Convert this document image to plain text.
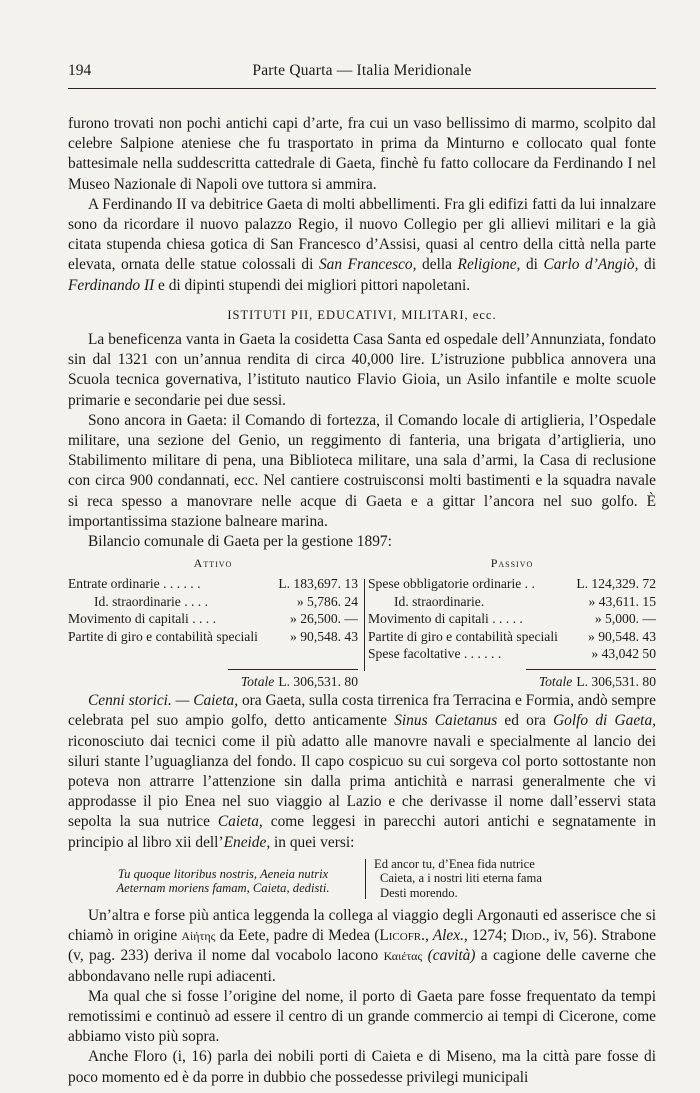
194	Parte Quarta — Italia Meridionale

furono trovati non pochi antichi capi d’arte, fra cui un vaso bellissimo di marmo, scolpito dal celebre Salpione ateniese che fu trasportato in prima da Minturno e collocato qual fonte battesimale nella suddescritta cattedrale di Gaeta, finchè fu fatto collocare da Ferdinando I nel Museo Nazionale di Napoli ove tuttora si ammira.

A Ferdinando II va debitrice Gaeta di molti abbellimenti. Fra gli edifizi fatti da lui innalzare sono da ricordare il nuovo palazzo Regio, il nuovo Collegio per gli allievi militari e la già citata stupenda chiesa gotica di San Francesco d’Assisi, quasi al centro della città nella parte elevata, ornata delle statue colossali di San Francesco, della Religione, di Carlo d’Angiò, di Ferdinando II e di dipinti stupendi dei migliori pittori napoletani.

ISTITUTI PII, EDUCATIVI, MILITARI, ecc.

La beneficenza vanta in Gaeta la cosidetta Casa Santa ed ospedale dell’Annunziata, fondato sin dal 1321 con un’annua rendita di circa 40,000 lire. L’istruzione pubblica annovera una Scuola tecnica governativa, l’istituto nautico Flavio Gioia, un Asilo infantile e molte scuole primarie e secondarie pei due sessi.

Sono ancora in Gaeta: il Comando di fortezza, il Comando locale di artiglieria, l’Ospedale militare, una sezione del Genio, un reggimento di fanteria, una brigata d’artiglieria, uno Stabilimento militare di pena, una Biblioteca militare, una sala d’armi, la Casa di reclusione con circa 900 condannati, ecc. Nel cantiere costruisconsi molti bastimenti e la squadra navale si reca spesso a manovrare nelle acque di Gaeta e a gittar l’ancora nel suo golfo. È importantissima stazione balneare marina.

Bilancio comunale di Gaeta per la gestione 1897:

Attivo
Entrate ordinarie . . . . . .	L. 183,697. 13
Id. straordinarie . . . .	» 5,786. 24
Movimento di capitali . . . .	» 26,500. —
Partite di giro e contabilità speciali » 90,548. 43
Totale L. 306,531. 80
Passivo
Spese obbligatorie ordinarie . .	L. 124,329. 72
Id. straordinarie.	» 43,611. 15
Movimento di capitali . . . . .	» 5,000. —
Partite di giro e contabilità speciali » 90,548. 43
Spese facoltative . . . . . .	» 43,042 50
Totale L. 306,531. 80

Cenni storici. — Caieta, ora Gaeta, sulla costa tirrenica fra Terracina e Formia, andò sempre celebrata pel suo ampio golfo, detto anticamente Sinus Caietanus ed ora Golfo di Gaeta, riconosciuto dai tecnici come il più adatto alle manovre navali e specialmente al lancio dei siluri stante l’uguaglianza del fondo. Il capo cospicuo su cui sorgeva col porto sottostante non poteva non attrarre l’attenzione sin dalla prima antichità e narrasi generalmente che vi approdasse il pio Enea nel suo viaggio al Lazio e che derivasse il nome dall’esservi stata sepolta la sua nutrice Caieta, come leggesi in parecchi autori antichi e segnatamente in principio al libro xii dell’Eneide, in quei versi:

Tu quoque litoribus nostris, Aeneia nutrix
Aeternam moriens famam, Caieta, dedisti.
Ed ancor tu, d’Enea fida nutrice
Caieta, a i nostri liti eterna fama
Desti morendo.

Un’altra e forse più antica leggenda la collega al viaggio degli Argonauti ed asserisce che si chiamò in origine Αἰήτης da Eete, padre di Medea (Licofr., Alex., 1274; Diod., iv, 56). Strabone (v, pag. 233) deriva il nome dal vocabolo lacono Καιέτας (cavità) a cagione delle caverne che abbondavano nelle rupi adiacenti.

Ma qual che si fosse l’origine del nome, il porto di Gaeta pare fosse frequentato da tempi remotissimi e continuò ad essere il centro di un grande commercio ai tempi di Cicerone, come abbiamo visto più sopra.

Anche Floro (i, 16) parla dei nobili porti di Caieta e di Miseno, ma la città pare fosse di poco momento ed è da porre in dubbio che possedesse privilegi municipali
